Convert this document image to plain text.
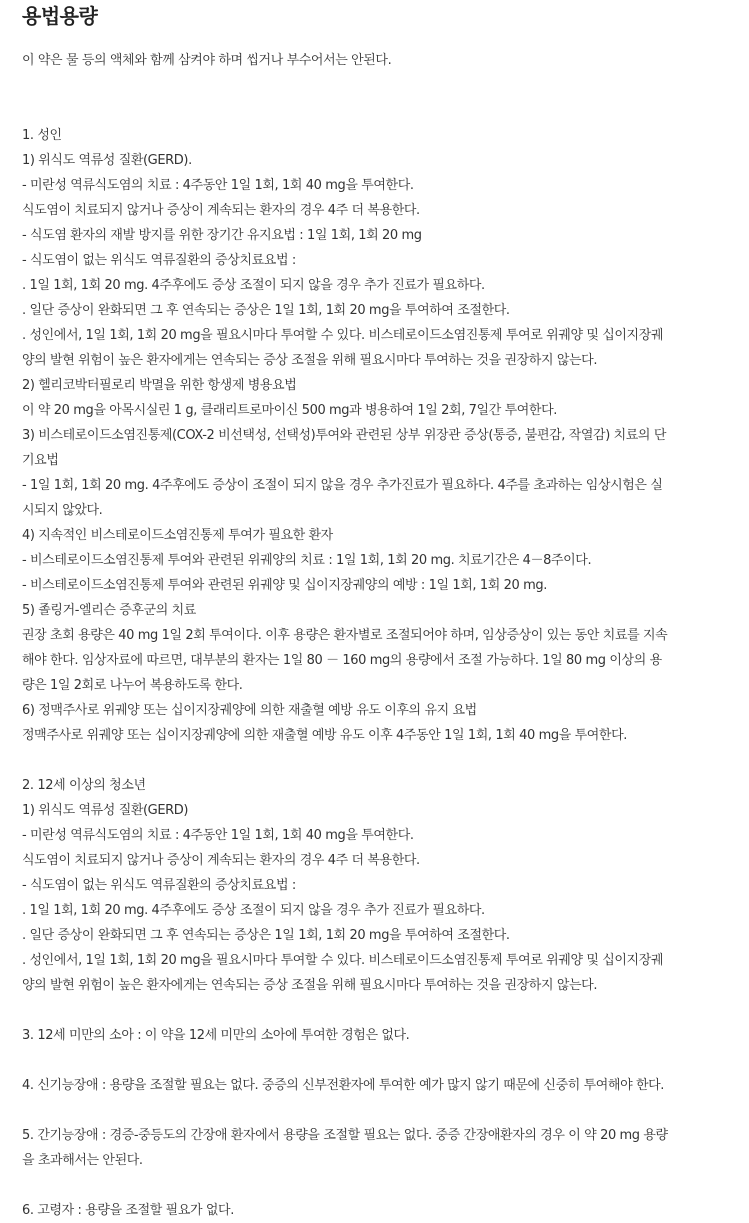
용법용량
이 약은 물 등의 액체와 함께 삼켜야 하며 씹거나 부수어서는 안된다.
1. 성인
1) 위식도 역류성 질환(GERD).
- 미란성 역류식도염의 치료 : 4주동안 1일 1회, 1회 40 mg을 투여한다.
식도염이 치료되지 않거나 증상이 계속되는 환자의 경우 4주 더 복용한다.
- 식도염 환자의 재발 방지를 위한 장기간 유지요법 : 1일 1회, 1회 20 mg
- 식도염이 없는 위식도 역류질환의 증상치료요법 :
. 1일 1회, 1회 20 mg. 4주후에도 증상 조절이 되지 않을 경우 추가 진료가 필요하다.
. 일단 증상이 완화되면 그 후 연속되는 증상은 1일 1회, 1회 20 mg을 투여하여 조절한다.
. 성인에서, 1일 1회, 1회 20 mg을 필요시마다 투여할 수 있다. 비스테로이드소염진통제 투여로 위궤양 및 십이지장궤
양의 발현 위험이 높은 환자에게는 연속되는 증상 조절을 위해 필요시마다 투여하는 것을 권장하지 않는다.
2) 헬리코박터필로리 박멸을 위한 항생제 병용요법
이 약 20 mg을 아목시실린 1 g, 클래리트로마이신 500 mg과 병용하여 1일 2회, 7일간 투여한다.
3) 비스테로이드소염진통제(COX-2 비선택성, 선택성)투여와 관련된 상부 위장관 증상(통증, 불편감, 작열감) 치료의 단
기요법
- 1일 1회, 1회 20 mg. 4주후에도 증상이 조절이 되지 않을 경우 추가진료가 필요하다. 4주를 초과하는 임상시험은 실
시되지 않았다.
4) 지속적인 비스테로이드소염진통제 투여가 필요한 환자
- 비스테로이드소염진통제 투여와 관련된 위궤양의 치료 : 1일 1회, 1회 20 mg. 치료기간은 4－8주이다.
- 비스테로이드소염진통제 투여와 관련된 위궤양 및 십이지장궤양의 예방 : 1일 1회, 1회 20 mg.
5) 졸링거-엘리슨 증후군의 치료
권장 초회 용량은 40 mg 1일 2회 투여이다. 이후 용량은 환자별로 조절되어야 하며, 임상증상이 있는 동안 치료를 지속
해야 한다. 임상자료에 따르면, 대부분의 환자는 1일 80 － 160 mg의 용량에서 조절 가능하다. 1일 80 mg 이상의 용
량은 1일 2회로 나누어 복용하도록 한다.
6) 정맥주사로 위궤양 또는 십이지장궤양에 의한 재출혈 예방 유도 이후의 유지 요법
정맥주사로 위궤양 또는 십이지장궤양에 의한 재출혈 예방 유도 이후 4주동안 1일 1회, 1회 40 mg을 투여한다.
2. 12세 이상의 청소년
1) 위식도 역류성 질환(GERD)
- 미란성 역류식도염의 치료 : 4주동안 1일 1회, 1회 40 mg을 투여한다.
식도염이 치료되지 않거나 증상이 계속되는 환자의 경우 4주 더 복용한다.
- 식도염이 없는 위식도 역류질환의 증상치료요법 :
. 1일 1회, 1회 20 mg. 4주후에도 증상 조절이 되지 않을 경우 추가 진료가 필요하다.
. 일단 증상이 완화되면 그 후 연속되는 증상은 1일 1회, 1회 20 mg을 투여하여 조절한다.
. 성인에서, 1일 1회, 1회 20 mg을 필요시마다 투여할 수 있다. 비스테로이드소염진통제 투여로 위궤양 및 십이지장궤
양의 발현 위험이 높은 환자에게는 연속되는 증상 조절을 위해 필요시마다 투여하는 것을 권장하지 않는다.
3. 12세 미만의 소아 : 이 약을 12세 미만의 소아에 투여한 경험은 없다.
4. 신기능장애 : 용량을 조절할 필요는 없다. 중증의 신부전환자에 투여한 예가 많지 않기 때문에 신중히 투여해야 한다.
5. 간기능장애 : 경증-중등도의 간장애 환자에서 용량을 조절할 필요는 없다. 중증 간장애환자의 경우 이 약 20 mg 용량
을 초과해서는 안된다.
6. 고령자 : 용량을 조절할 필요가 없다.
